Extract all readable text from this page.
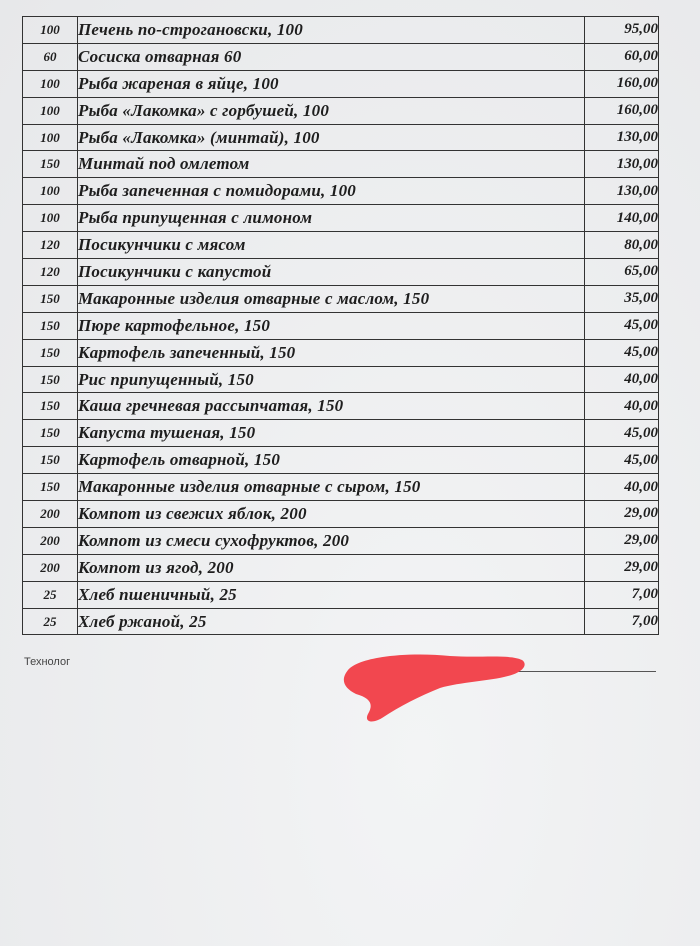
100	Печень по-строгановски, 100	95,00
60	Сосиска отварная 60	60,00
100	Рыба жареная в яйце, 100	160,00
100	Рыба «Лакомка» с горбушей, 100	160,00
100	Рыба «Лакомка» (минтай), 100	130,00
150	Минтай под омлетом	130,00
100	Рыба запеченная с помидорами, 100	130,00
100	Рыба припущенная с лимоном	140,00
120	Посикунчики с мясом	80,00
120	Посикунчики с капустой	65,00
150	Макаронные изделия отварные с маслом, 150	35,00
150	Пюре картофельное, 150	45,00
150	Картофель запеченный, 150	45,00
150	Рис припущенный, 150	40,00
150	Каша гречневая рассыпчатая, 150	40,00
150	Капуста тушеная, 150	45,00
150	Картофель отварной, 150	45,00
150	Макаронные изделия отварные с сыром, 150	40,00
200	Компот из свежих яблок, 200	29,00
200	Компот из смеси сухофруктов, 200	29,00
200	Компот из ягод, 200	29,00
25	Хлеб пшеничный, 25	7,00
25	Хлеб ржаной, 25	7,00
Технолог
